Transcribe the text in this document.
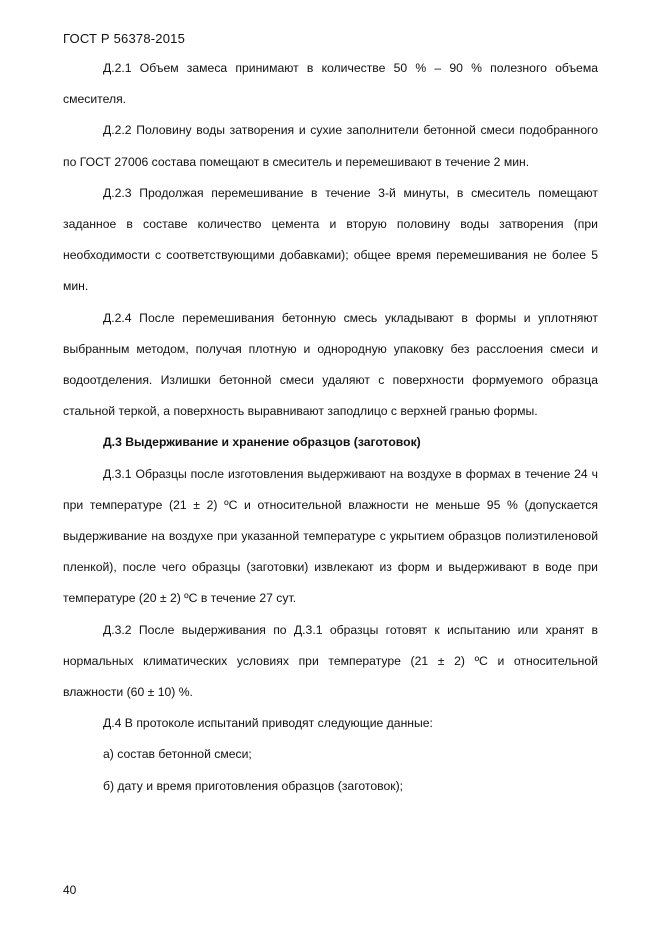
ГОСТ Р 56378-2015

Д.2.1 Объем замеса принимают в количестве 50 % – 90 % полезного объема смесителя.

Д.2.2 Половину воды затворения и сухие заполнители бетонной смеси подобранного по ГОСТ 27006 состава помещают в смеситель и перемешивают в течение 2 мин.

Д.2.3 Продолжая перемешивание в течение 3-й минуты, в смеситель помещают заданное в составе количество цемента и вторую половину воды затворения (при необходимости с соответствующими добавками); общее время перемешивания не более 5 мин.

Д.2.4 После перемешивания бетонную смесь укладывают в формы и уплотняют выбранным методом, получая плотную и однородную упаковку без расслоения смеси и водоотделения. Излишки бетонной смеси удаляют с поверхности формуемого образца стальной теркой, а поверхность выравнивают заподлицо с верхней гранью формы.

Д.3 Выдерживание и хранение образцов (заготовок)

Д.3.1 Образцы после изготовления выдерживают на воздухе в формах в течение 24 ч при температуре (21 ± 2) ºС и относительной влажности не меньше 95 % (допускается выдерживание на воздухе при указанной температуре с укрытием образцов полиэтиленовой пленкой), после чего образцы (заготовки) извлекают из форм и выдерживают в воде при температуре (20 ± 2) ºС в течение 27 сут.

Д.3.2 После выдерживания по Д.3.1 образцы готовят к испытанию или хранят в нормальных климатических условиях при температуре (21 ± 2) ºС и относительной влажности (60 ± 10) %.

Д.4 В протоколе испытаний приводят следующие данные:

а) состав бетонной смеси;

б) дату и время приготовления образцов (заготовок);

40
